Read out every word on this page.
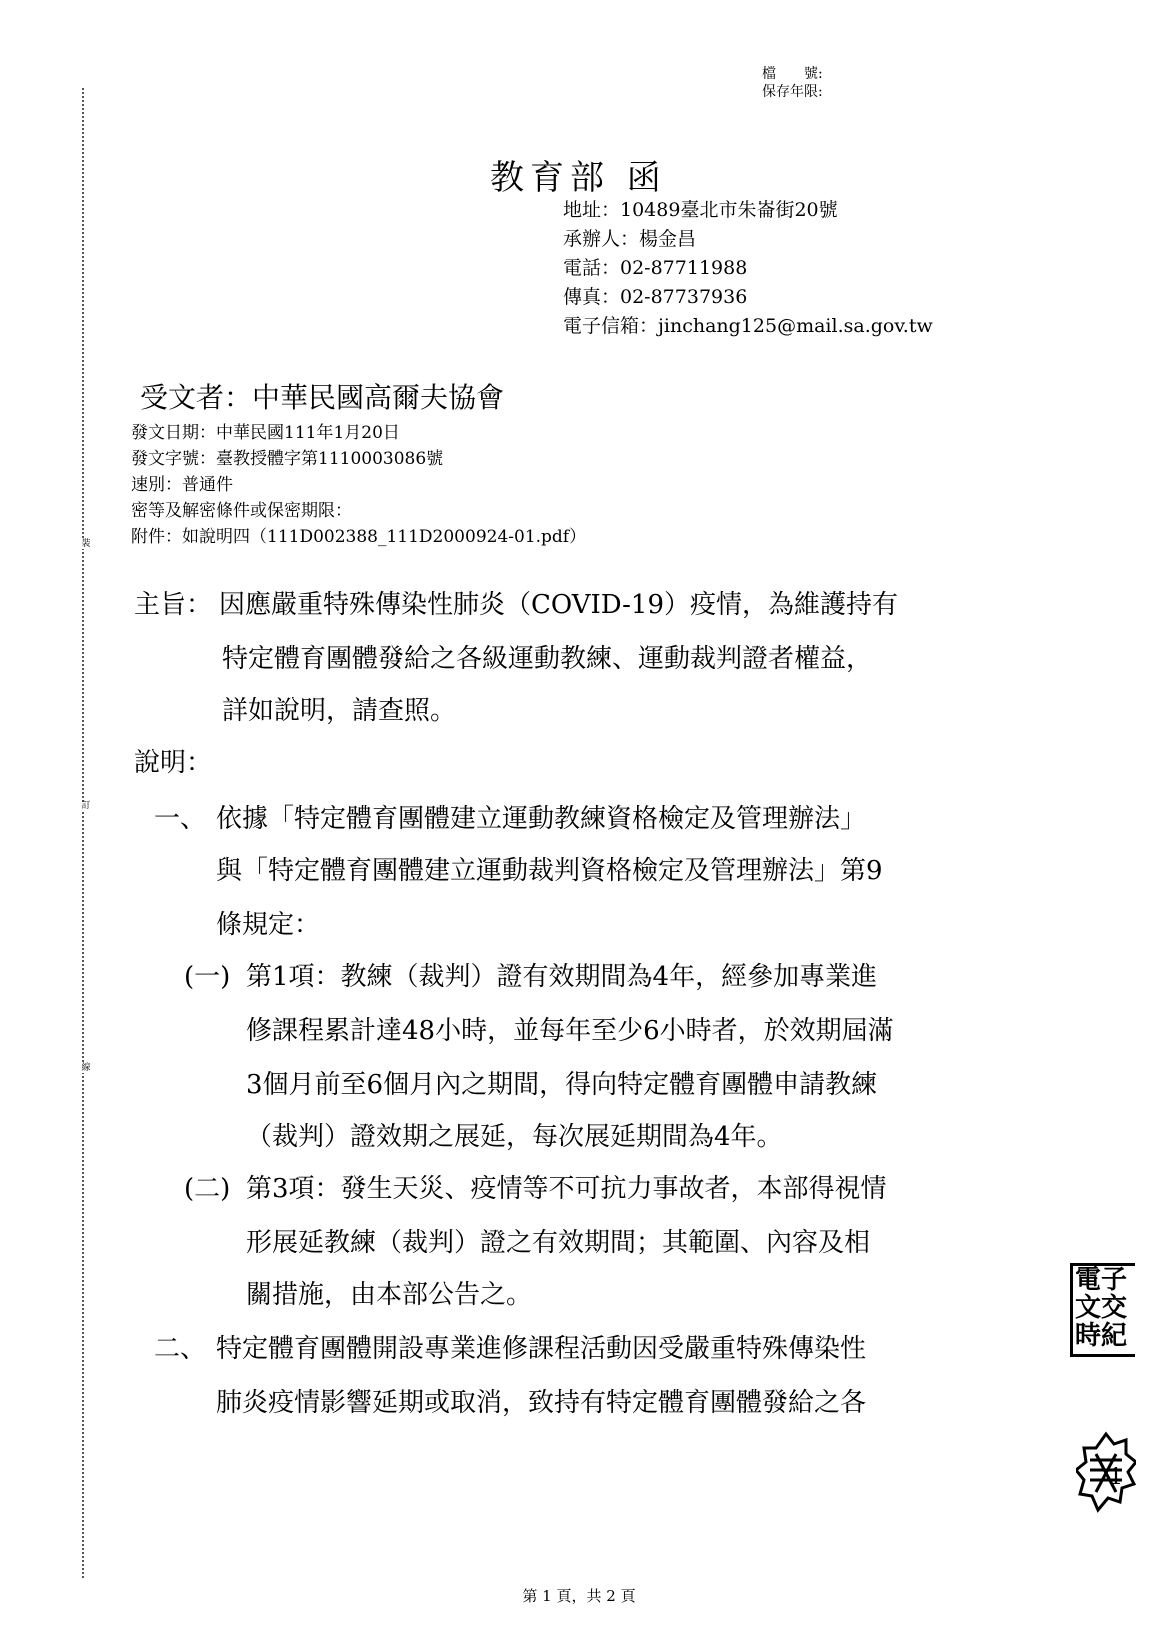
裝
訂
線
檔　　號:
保存年限:
教育部 函
地址：10489臺北市朱崙街20號
承辦人：楊金昌
電話：02-87711988
傳真：02-87737936
電子信箱：jinchang125@mail.sa.gov.tw
受文者：中華民國高爾夫協會
發文日期：中華民國111年1月20日
發文字號：臺教授體字第1110003086號
速別：普通件
密等及解密條件或保密期限：
附件：如說明四（111D002388_111D2000924-01.pdf）
主旨： 因應嚴重特殊傳染性肺炎（COVID-19）疫情，為維護持有
特定體育團體發給之各級運動教練、運動裁判證者權益，
詳如說明，請查照。
說明：
一、 依據「特定體育團體建立運動教練資格檢定及管理辦法」
與「特定體育團體建立運動裁判資格檢定及管理辦法」第9
條規定：
(一) 第1項：教練（裁判）證有效期間為4年，經參加專業進
修課程累計達48小時，並每年至少6小時者，於效期屆滿
3個月前至6個月內之期間，得向特定體育團體申請教練
（裁判）證效期之展延，每次展延期間為4年。
(二) 第3項：發生天災、疫情等不可抗力事故者，本部得視情
形展延教練（裁判）證之有效期間；其範圍、內容及相
關措施，由本部公告之。
二、 特定體育團體開設專業進修課程活動因受嚴重特殊傳染性
肺炎疫情影響延期或取消，致持有特定體育團體發給之各
電子
文交
時紀
1
第 1 頁，共 2 頁
